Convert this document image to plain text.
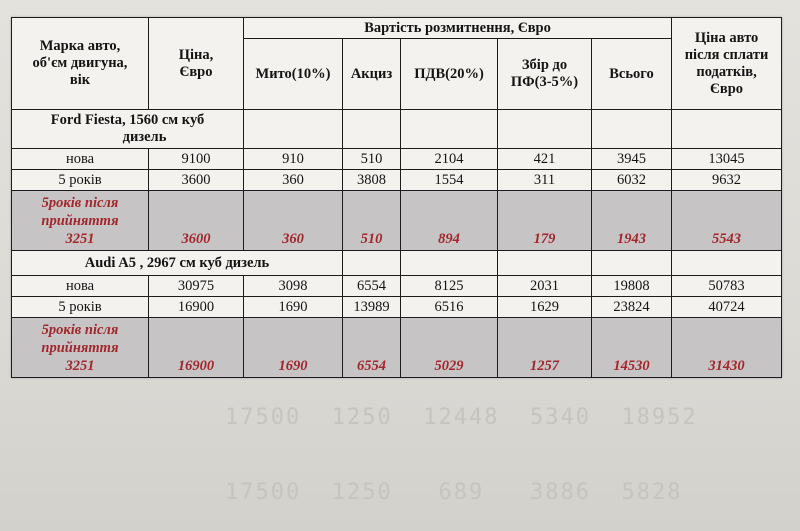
17500 1250 12448 5340 18952
17500 1250 689 3886 5828
Марка авто,
об'єм двигуна,
вік	Ціна,
Євро	Вартість розмитнення, Євро					Ціна авто
після сплати
податків,
Євро
		Мито(10%)	Акциз	ПДВ(20%)	Збір до
ПФ(3-5%)	Всього	
Ford Fiesta, 1560 см куб
дизель							
нова	9100	910	510	2104	421	3945	13045
5 років	3600	360	3808	1554	311	6032	9632

5років після
прийняття
3251	3600	360	510	894	179	1943	5543
Audi A5 , 2967 см куб дизель							
нова	30975	3098	6554	8125	2031	19808	50783
5 років	16900	1690	13989	6516	1629	23824	40724

5років після
прийняття
3251	16900	1690	6554	5029	1257	14530	31430
